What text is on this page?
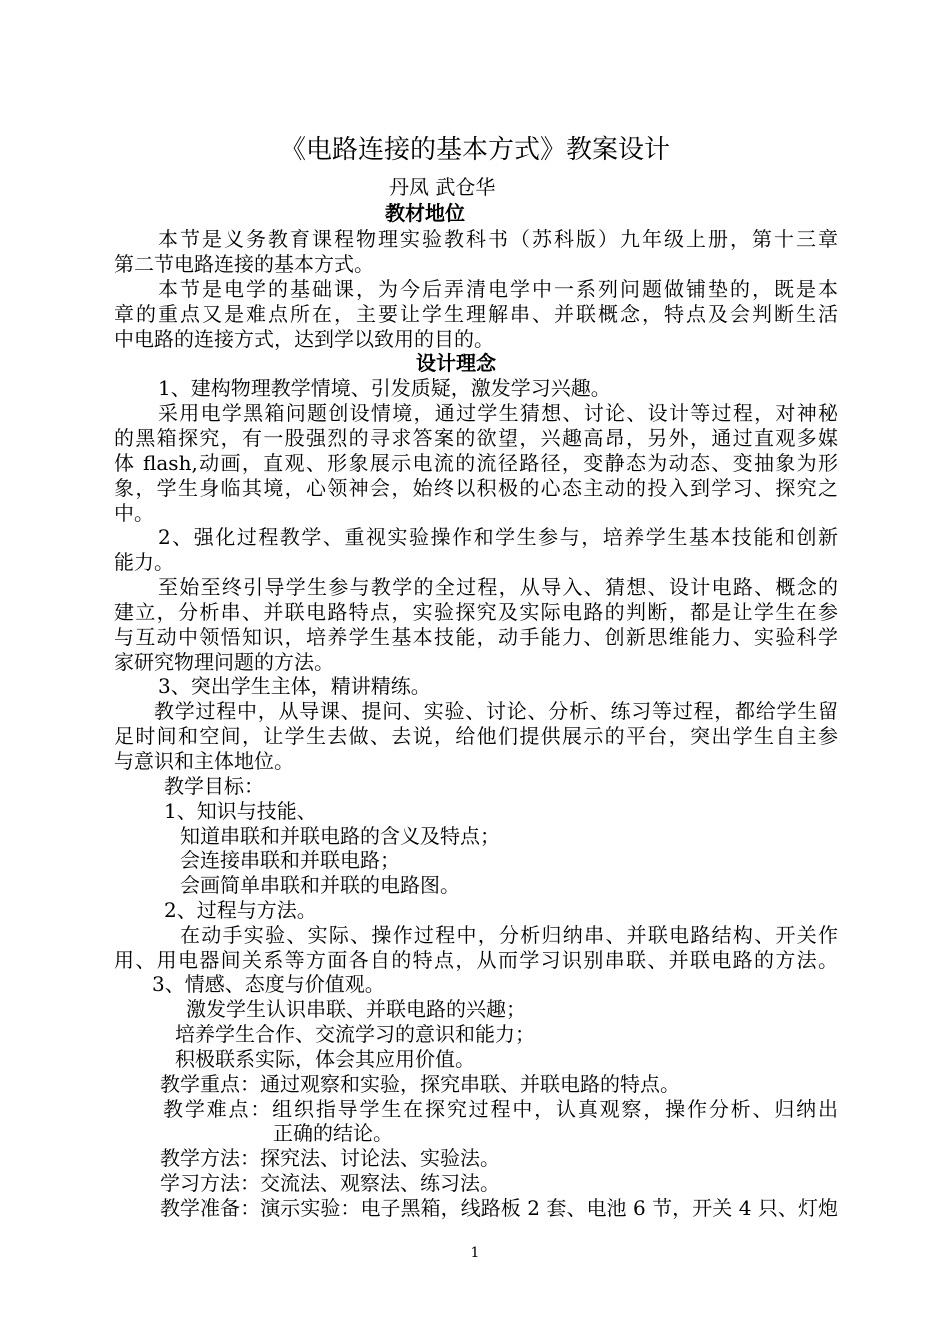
《电路连接的基本方式》教案设计
丹凤 武仓华
教材地位
本节是义务教育课程物理实验教科书（苏科版）九年级上册，第十三章
第二节电路连接的基本方式。
本节是电学的基础课，为今后弄清电学中一系列问题做铺垫的，既是本
章的重点又是难点所在，主要让学生理解串、并联概念，特点及会判断生活
中电路的连接方式，达到学以致用的目的。
设计理念
1、建构物理教学情境、引发质疑，激发学习兴趣。
采用电学黑箱问题创设情境，通过学生猜想、讨论、设计等过程，对神秘
的黑箱探究，有一股强烈的寻求答案的欲望，兴趣高昂，另外，通过直观多媒
体 flash,动画，直观、形象展示电流的流径路径，变静态为动态、变抽象为形
象，学生身临其境，心领神会，始终以积极的心态主动的投入到学习、探究之
中。
2、强化过程教学、重视实验操作和学生参与，培养学生基本技能和创新
能力。
至始至终引导学生参与教学的全过程，从导入、猜想、设计电路、概念的
建立，分析串、并联电路特点，实验探究及实际电路的判断，都是让学生在参
与互动中领悟知识，培养学生基本技能，动手能力、创新思维能力、实验科学
家研究物理问题的方法。
3、突出学生主体，精讲精练。
教学过程中，从导课、提问、实验、讨论、分析、练习等过程，都给学生留
足时间和空间，让学生去做、去说，给他们提供展示的平台，突出学生自主参
与意识和主体地位。
教学目标：
1、知识与技能、
知道串联和并联电路的含义及特点；
会连接串联和并联电路；
会画简单串联和并联的电路图。
2、过程与方法。
在动手实验、实际、操作过程中，分析归纳串、并联电路结构、开关作
用、用电器间关系等方面各自的特点，从而学习识别串联、并联电路的方法。
3、情感、态度与价值观。
激发学生认识串联、并联电路的兴趣；
培养学生合作、交流学习的意识和能力；
积极联系实际，体会其应用价值。
教学重点：通过观察和实验，探究串联、并联电路的特点。
教学难点：组织指导学生在探究过程中，认真观察，操作分析、归纳出
正确的结论。
教学方法：探究法、讨论法、实验法。
学习方法：交流法、观察法、练习法。
教学准备：演示实验：电子黑箱，线路板 2 套、电池 6 节，开关 4 只、灯炮
1
